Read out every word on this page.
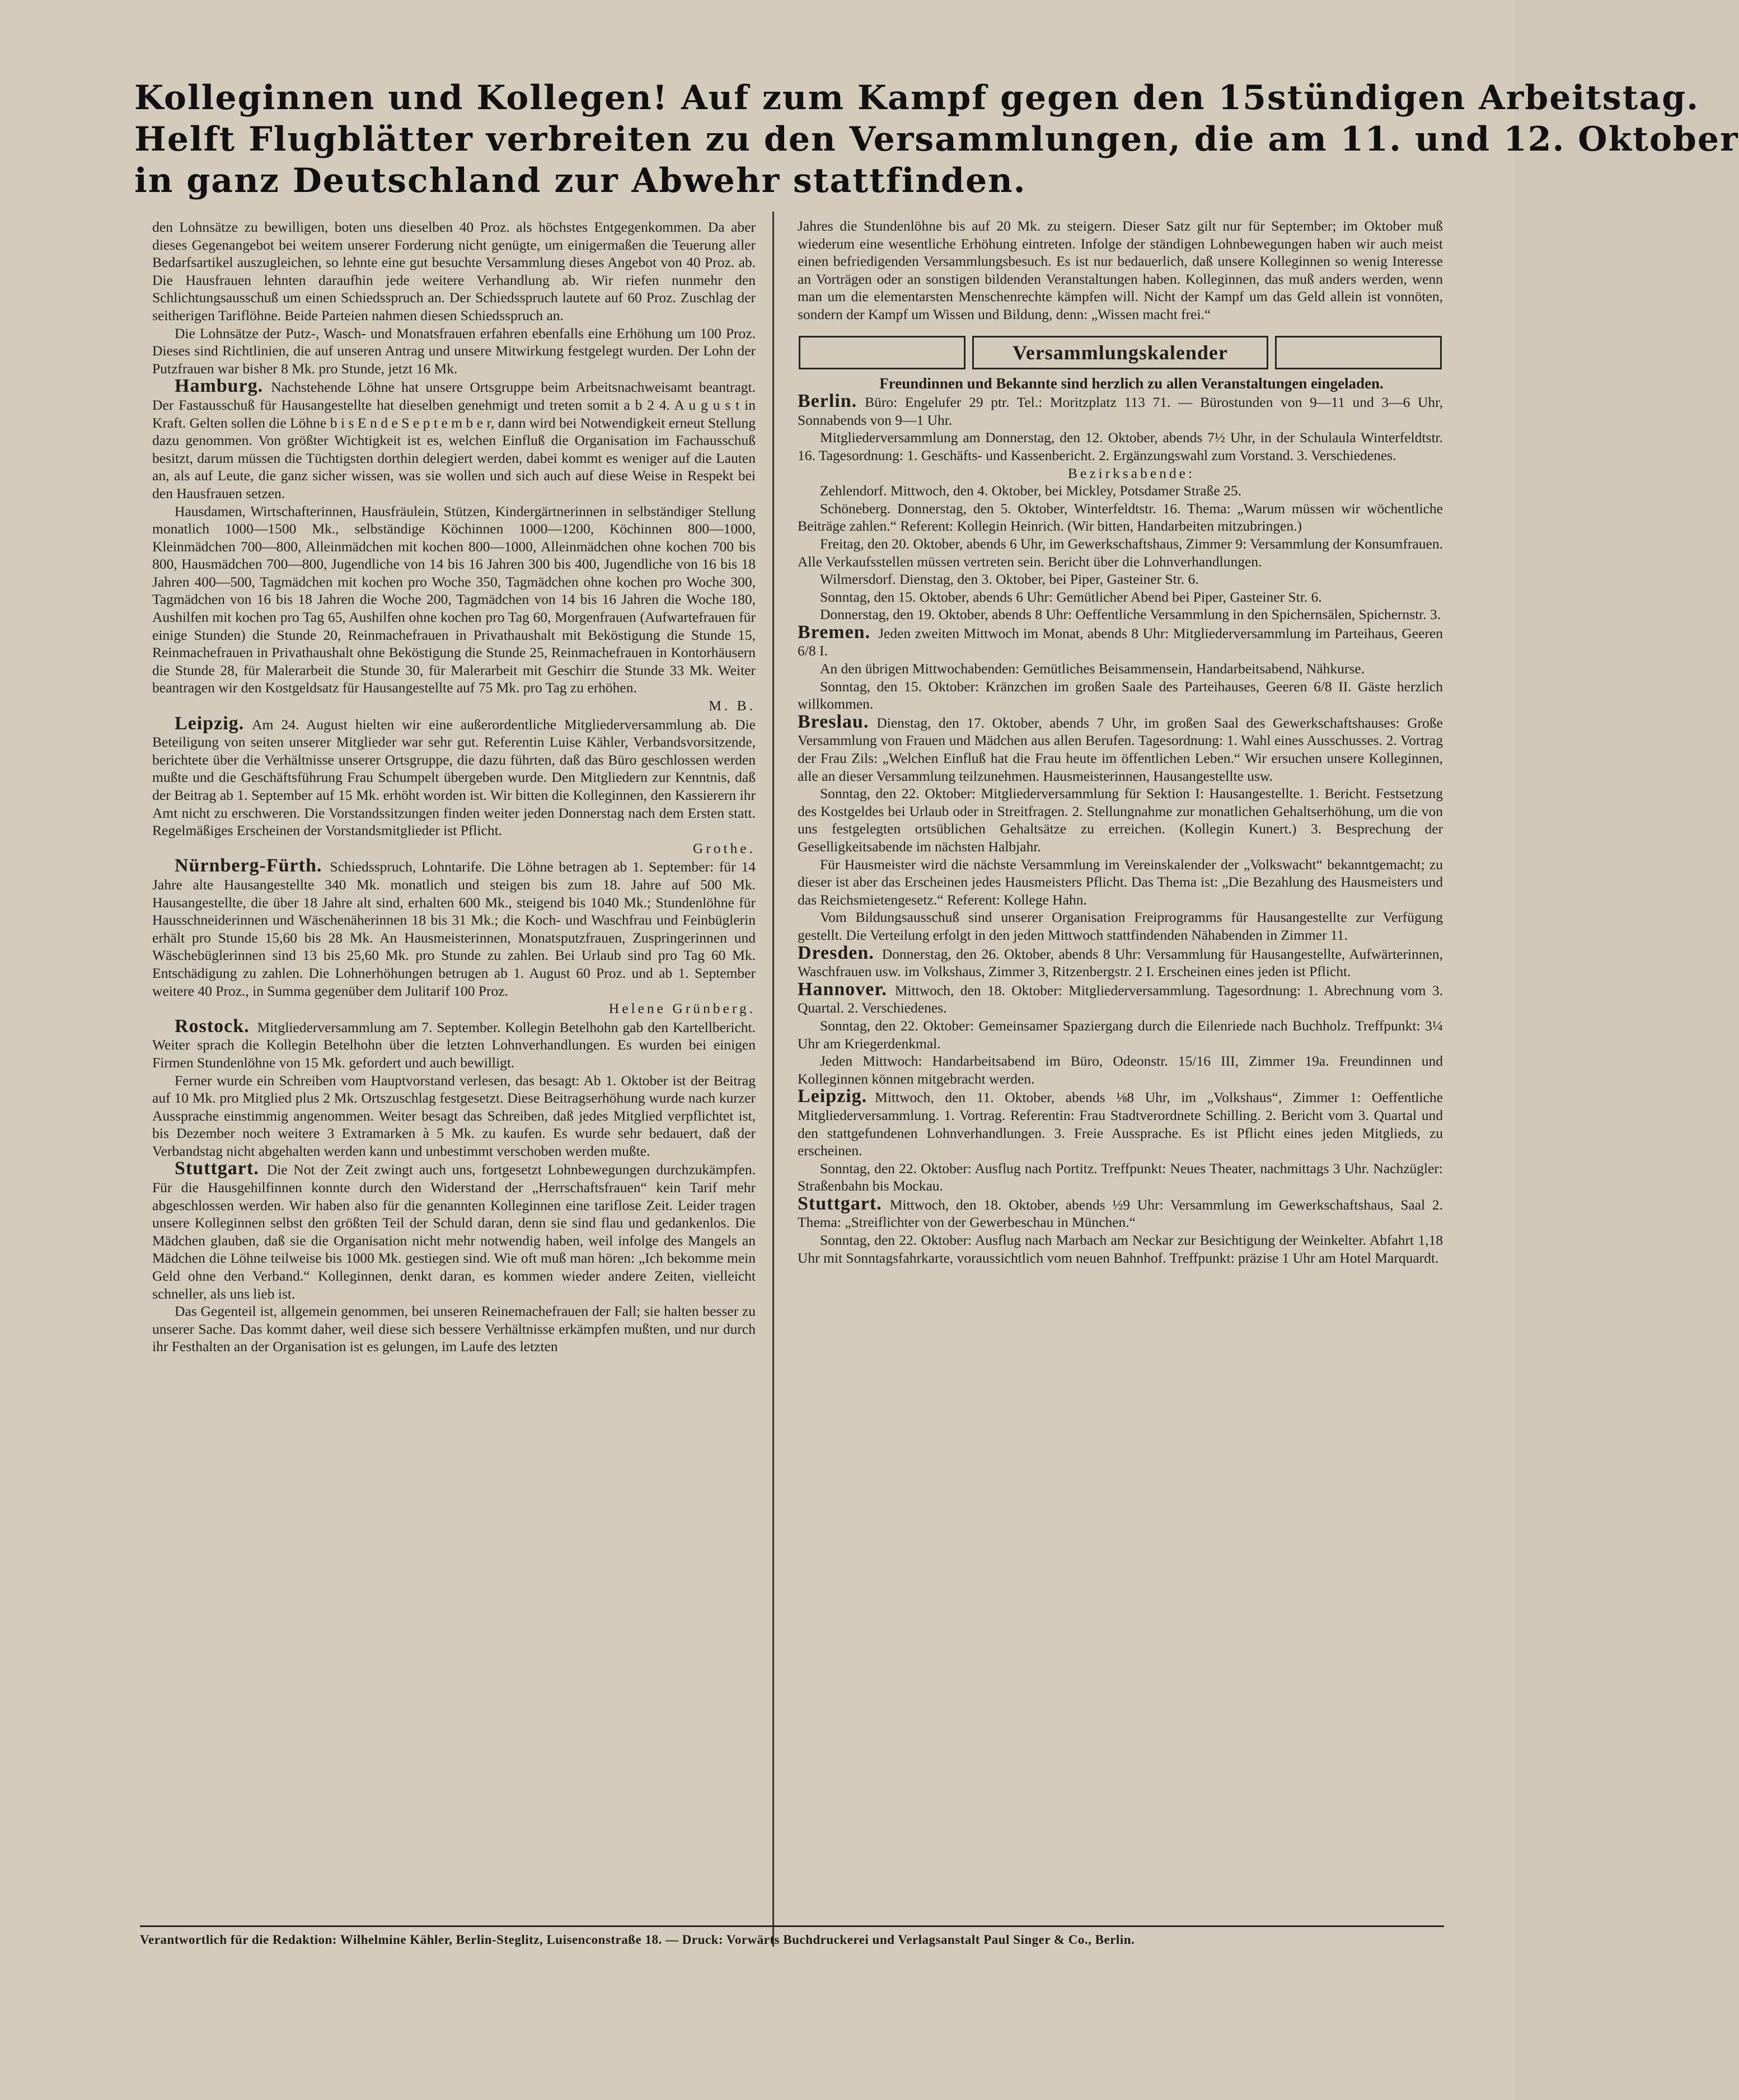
Kolleginnen und Kollegen! Auf zum Kampf gegen den 15stündigen Arbeitstag.
Helft Flugblätter verbreiten zu den Versammlungen, die am 11. und 12. Oktober
in ganz Deutschland zur Abwehr stattfinden.

den Lohnsätze zu bewilligen, boten uns dieselben 40 Proz. als höchstes Entgegenkommen. Da aber dieses Gegenangebot bei weitem unserer Forderung nicht genügte, um einigermaßen die Teuerung aller Bedarfsartikel auszugleichen, so lehnte eine gut besuchte Versammlung dieses Angebot von 40 Proz. ab. Die Hausfrauen lehnten daraufhin jede weitere Verhandlung ab. Wir riefen nunmehr den Schlichtungsausschuß um einen Schiedsspruch an. Der Schiedsspruch lautete auf 60 Proz. Zuschlag der seitherigen Tariflöhne. Beide Parteien nahmen diesen Schiedsspruch an.

Die Lohnsätze der Putz-, Wasch- und Monatsfrauen erfahren ebenfalls eine Erhöhung um 100 Proz. Dieses sind Richtlinien, die auf unseren Antrag und unsere Mitwirkung festgelegt wurden. Der Lohn der Putzfrauen war bisher 8 Mk. pro Stunde, jetzt 16 Mk.

Hamburg. Nachstehende Löhne hat unsere Ortsgruppe beim Arbeitsnachweisamt beantragt. Der Fastausschuß für Hausangestellte hat dieselben genehmigt und treten somit a b 2 4. A u g u s t in Kraft. Gelten sollen die Löhne b i s E n d e S e p t e m b e r, dann wird bei Notwendigkeit erneut Stellung dazu genommen. Von größter Wichtigkeit ist es, welchen Einfluß die Organisation im Fachausschuß besitzt, darum müssen die Tüchtigsten dorthin delegiert werden, dabei kommt es weniger auf die Lauten an, als auf Leute, die ganz sicher wissen, was sie wollen und sich auch auf diese Weise in Respekt bei den Hausfrauen setzen.

Hausdamen, Wirtschafterinnen, Hausfräulein, Stützen, Kindergärtnerinnen in selbständiger Stellung monatlich 1000—1500 Mk., selbständige Köchinnen 1000—1200, Köchinnen 800—1000, Kleinmädchen 700—800, Alleinmädchen mit kochen 800—1000, Alleinmädchen ohne kochen 700 bis 800, Hausmädchen 700—800, Jugendliche von 14 bis 16 Jahren 300 bis 400, Jugendliche von 16 bis 18 Jahren 400—500, Tagmädchen mit kochen pro Woche 350, Tagmädchen ohne kochen pro Woche 300, Tagmädchen von 16 bis 18 Jahren die Woche 200, Tagmädchen von 14 bis 16 Jahren die Woche 180, Aushilfen mit kochen pro Tag 65, Aushilfen ohne kochen pro Tag 60, Morgenfrauen (Aufwartefrauen für einige Stunden) die Stunde 20, Reinmachefrauen in Privathaushalt mit Beköstigung die Stunde 15, Reinmachefrauen in Privathaushalt ohne Beköstigung die Stunde 25, Reinmachefrauen in Kontorhäusern die Stunde 28, für Malerarbeit die Stunde 30, für Malerarbeit mit Geschirr die Stunde 33 Mk. Weiter beantragen wir den Kostgeldsatz für Hausangestellte auf 75 Mk. pro Tag zu erhöhen.

M. B.

Leipzig. Am 24. August hielten wir eine außerordentliche Mitgliederversammlung ab. Die Beteiligung von seiten unserer Mitglieder war sehr gut. Referentin Luise Kähler, Verbandsvorsitzende, berichtete über die Verhältnisse unserer Ortsgruppe, die dazu führten, daß das Büro geschlossen werden mußte und die Geschäftsführung Frau Schumpelt übergeben wurde. Den Mitgliedern zur Kenntnis, daß der Beitrag ab 1. September auf 15 Mk. erhöht worden ist. Wir bitten die Kolleginnen, den Kassierern ihr Amt nicht zu erschweren. Die Vorstandssitzungen finden weiter jeden Donnerstag nach dem Ersten statt. Regelmäßiges Erscheinen der Vorstandsmitglieder ist Pflicht.

Grothe.

Nürnberg-Fürth. Schiedsspruch, Lohntarife. Die Löhne betragen ab 1. September: für 14 Jahre alte Hausangestellte 340 Mk. monatlich und steigen bis zum 18. Jahre auf 500 Mk. Hausangestellte, die über 18 Jahre alt sind, erhalten 600 Mk., steigend bis 1040 Mk.; Stundenlöhne für Hausschneiderinnen und Wäschenäherinnen 18 bis 31 Mk.; die Koch- und Waschfrau und Feinbüglerin erhält pro Stunde 15,60 bis 28 Mk. An Hausmeisterinnen, Monatsputzfrauen, Zuspringerinnen und Wäschebüglerinnen sind 13 bis 25,60 Mk. pro Stunde zu zahlen. Bei Urlaub sind pro Tag 60 Mk. Entschädigung zu zahlen. Die Lohnerhöhungen betrugen ab 1. August 60 Proz. und ab 1. September weitere 40 Proz., in Summa gegenüber dem Julitarif 100 Proz.

Helene Grünberg.

Rostock. Mitgliederversammlung am 7. September. Kollegin Betelhohn gab den Kartellbericht. Weiter sprach die Kollegin Betelhohn über die letzten Lohnverhandlungen. Es wurden bei einigen Firmen Stundenlöhne von 15 Mk. gefordert und auch bewilligt.

Ferner wurde ein Schreiben vom Hauptvorstand verlesen, das besagt: Ab 1. Oktober ist der Beitrag auf 10 Mk. pro Mitglied plus 2 Mk. Ortszuschlag festgesetzt. Diese Beitragserhöhung wurde nach kurzer Aussprache einstimmig angenommen. Weiter besagt das Schreiben, daß jedes Mitglied verpflichtet ist, bis Dezember noch weitere 3 Extramarken à 5 Mk. zu kaufen. Es wurde sehr bedauert, daß der Verbandstag nicht abgehalten werden kann und unbestimmt verschoben werden mußte.

Stuttgart. Die Not der Zeit zwingt auch uns, fortgesetzt Lohnbewegungen durchzukämpfen. Für die Hausgehilfinnen konnte durch den Widerstand der „Herrschaftsfrauen“ kein Tarif mehr abgeschlossen werden. Wir haben also für die genannten Kolleginnen eine tariflose Zeit. Leider tragen unsere Kolleginnen selbst den größten Teil der Schuld daran, denn sie sind flau und gedankenlos. Die Mädchen glauben, daß sie die Organisation nicht mehr notwendig haben, weil infolge des Mangels an Mädchen die Löhne teilweise bis 1000 Mk. gestiegen sind. Wie oft muß man hören: „Ich bekomme mein Geld ohne den Verband.“ Kolleginnen, denkt daran, es kommen wieder andere Zeiten, vielleicht schneller, als uns lieb ist.

Das Gegenteil ist, allgemein genommen, bei unseren Reinemachefrauen der Fall; sie halten besser zu unserer Sache. Das kommt daher, weil diese sich bessere Verhältnisse erkämpfen mußten, und nur durch ihr Festhalten an der Organisation ist es gelungen, im Laufe des letzten

Jahres die Stundenlöhne bis auf 20 Mk. zu steigern. Dieser Satz gilt nur für September; im Oktober muß wiederum eine wesentliche Erhöhung eintreten. Infolge der ständigen Lohnbewegungen haben wir auch meist einen befriedigenden Versammlungsbesuch. Es ist nur bedauerlich, daß unsere Kolleginnen so wenig Interesse an Vorträgen oder an sonstigen bildenden Veranstaltungen haben. Kolleginnen, das muß anders werden, wenn man um die elementarsten Menschenrechte kämpfen will. Nicht der Kampf um das Geld allein ist vonnöten, sondern der Kampf um Wissen und Bildung, denn: „Wissen macht frei.“

Versammlungskalender

Freundinnen und Bekannte sind herzlich zu allen Veranstaltungen eingeladen.

Berlin. Büro: Engelufer 29 ptr. Tel.: Moritzplatz 113 71. — Bürostunden von 9—11 und 3—6 Uhr, Sonnabends von 9—1 Uhr.

Mitgliederversammlung am Donnerstag, den 12. Oktober, abends 7½ Uhr, in der Schulaula Winterfeldtstr. 16. Tagesordnung: 1. Geschäfts- und Kassenbericht. 2. Ergänzungswahl zum Vorstand. 3. Verschiedenes.

Bezirksabende:

Zehlendorf. Mittwoch, den 4. Oktober, bei Mickley, Potsdamer Straße 25.

Schöneberg. Donnerstag, den 5. Oktober, Winterfeldtstr. 16. Thema: „Warum müssen wir wöchentliche Beiträge zahlen.“ Referent: Kollegin Heinrich. (Wir bitten, Handarbeiten mitzubringen.)

Freitag, den 20. Oktober, abends 6 Uhr, im Gewerkschaftshaus, Zimmer 9: Versammlung der Konsumfrauen. Alle Verkaufsstellen müssen vertreten sein. Bericht über die Lohnverhandlungen.

Wilmersdorf. Dienstag, den 3. Oktober, bei Piper, Gasteiner Str. 6.

Sonntag, den 15. Oktober, abends 6 Uhr: Gemütlicher Abend bei Piper, Gasteiner Str. 6.

Donnerstag, den 19. Oktober, abends 8 Uhr: Oeffentliche Versammlung in den Spichernsälen, Spichernstr. 3.

Bremen. Jeden zweiten Mittwoch im Monat, abends 8 Uhr: Mitgliederversammlung im Parteihaus, Geeren 6/8 I.

An den übrigen Mittwochabenden: Gemütliches Beisammensein, Handarbeitsabend, Nähkurse.

Sonntag, den 15. Oktober: Kränzchen im großen Saale des Parteihauses, Geeren 6/8 II. Gäste herzlich willkommen.

Breslau. Dienstag, den 17. Oktober, abends 7 Uhr, im großen Saal des Gewerkschaftshauses: Große Versammlung von Frauen und Mädchen aus allen Berufen. Tagesordnung: 1. Wahl eines Ausschusses. 2. Vortrag der Frau Zils: „Welchen Einfluß hat die Frau heute im öffentlichen Leben.“ Wir ersuchen unsere Kolleginnen, alle an dieser Versammlung teilzunehmen. Hausmeisterinnen, Hausangestellte usw.

Sonntag, den 22. Oktober: Mitgliederversammlung für Sektion I: Hausangestellte. 1. Bericht. Festsetzung des Kostgeldes bei Urlaub oder in Streitfragen. 2. Stellungnahme zur monatlichen Gehaltserhöhung, um die von uns festgelegten ortsüblichen Gehaltsätze zu erreichen. (Kollegin Kunert.) 3. Besprechung der Geselligkeitsabende im nächsten Halbjahr.

Für Hausmeister wird die nächste Versammlung im Vereinskalender der „Volkswacht“ bekanntgemacht; zu dieser ist aber das Erscheinen jedes Hausmeisters Pflicht. Das Thema ist: „Die Bezahlung des Hausmeisters und das Reichsmietengesetz.“ Referent: Kollege Hahn.

Vom Bildungsausschuß sind unserer Organisation Freiprogramms für Hausangestellte zur Verfügung gestellt. Die Verteilung erfolgt in den jeden Mittwoch stattfindenden Nähabenden in Zimmer 11.

Dresden. Donnerstag, den 26. Oktober, abends 8 Uhr: Versammlung für Hausangestellte, Aufwärterinnen, Waschfrauen usw. im Volkshaus, Zimmer 3, Ritzenbergstr. 2 I. Erscheinen eines jeden ist Pflicht.

Hannover. Mittwoch, den 18. Oktober: Mitgliederversammlung. Tagesordnung: 1. Abrechnung vom 3. Quartal. 2. Verschiedenes.

Sonntag, den 22. Oktober: Gemeinsamer Spaziergang durch die Eilenriede nach Buchholz. Treffpunkt: 3¼ Uhr am Kriegerdenkmal.

Jeden Mittwoch: Handarbeitsabend im Büro, Odeonstr. 15/16 III, Zimmer 19a. Freundinnen und Kolleginnen können mitgebracht werden.

Leipzig. Mittwoch, den 11. Oktober, abends ⅛8 Uhr, im „Volkshaus“, Zimmer 1: Oeffentliche Mitgliederversammlung. 1. Vortrag. Referentin: Frau Stadtverordnete Schilling. 2. Bericht vom 3. Quartal und den stattgefundenen Lohnverhandlungen. 3. Freie Aussprache. Es ist Pflicht eines jeden Mitglieds, zu erscheinen.

Sonntag, den 22. Oktober: Ausflug nach Portitz. Treffpunkt: Neues Theater, nachmittags 3 Uhr. Nachzügler: Straßenbahn bis Mockau.

Stuttgart. Mittwoch, den 18. Oktober, abends ½9 Uhr: Versammlung im Gewerkschaftshaus, Saal 2. Thema: „Streiflichter von der Gewerbeschau in München.“

Sonntag, den 22. Oktober: Ausflug nach Marbach am Neckar zur Besichtigung der Weinkelter. Abfahrt 1,18 Uhr mit Sonntagsfahrkarte, voraussichtlich vom neuen Bahnhof. Treffpunkt: präzise 1 Uhr am Hotel Marquardt.

Verantwortlich für die Redaktion: Wilhelmine Kähler, Berlin-Steglitz, Luisenconstraße 18. — Druck: Vorwärts Buchdruckerei und Verlagsanstalt Paul Singer & Co., Berlin.
